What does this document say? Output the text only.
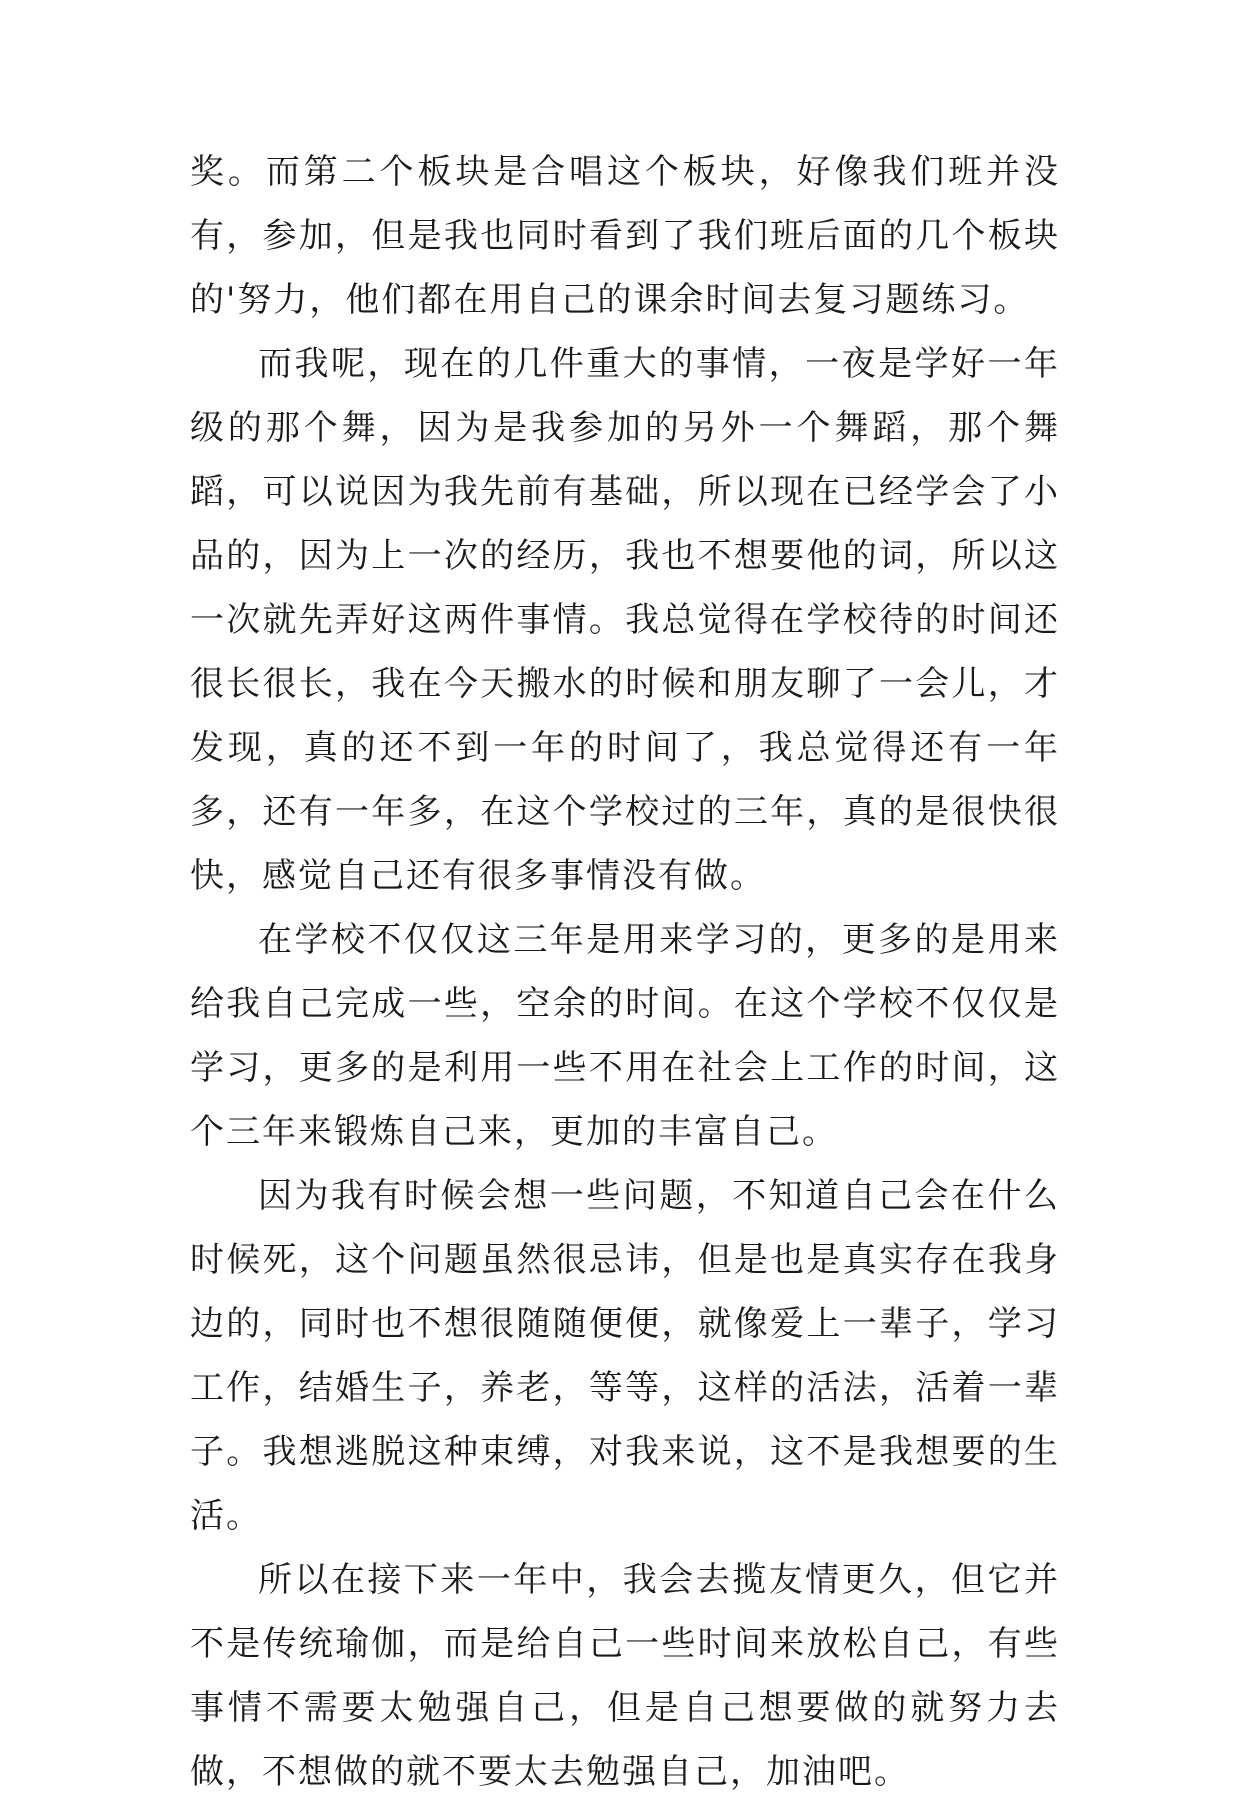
奖。而第二个板块是合唱这个板块，好像我们班并没有，参加，但是我也同时看到了我们班后面的几个板块的'努力，他们都在用自己的课余时间去复习题练习。

而我呢，现在的几件重大的事情，一夜是学好一年级的那个舞，因为是我参加的另外一个舞蹈，那个舞蹈，可以说因为我先前有基础，所以现在已经学会了小品的，因为上一次的经历，我也不想要他的词，所以这一次就先弄好这两件事情。我总觉得在学校待的时间还很长很长，我在今天搬水的时候和朋友聊了一会儿，才发现，真的还不到一年的时间了，我总觉得还有一年多，还有一年多，在这个学校过的三年，真的是很快很快，感觉自己还有很多事情没有做。

在学校不仅仅这三年是用来学习的，更多的是用来给我自己完成一些，空余的时间。在这个学校不仅仅是学习，更多的是利用一些不用在社会上工作的时间，这个三年来锻炼自己来，更加的丰富自己。

因为我有时候会想一些问题，不知道自己会在什么时候死，这个问题虽然很忌讳，但是也是真实存在我身边的，同时也不想很随随便便，就像爱上一辈子，学习工作，结婚生子，养老，等等，这样的活法，活着一辈子。我想逃脱这种束缚，对我来说，这不是我想要的生活。

所以在接下来一年中，我会去揽友情更久，但它并不是传统瑜伽，而是给自己一些时间来放松自己，有些事情不需要太勉强自己，但是自己想要做的就努力去做，不想做的就不要太去勉强自己，加油吧。
